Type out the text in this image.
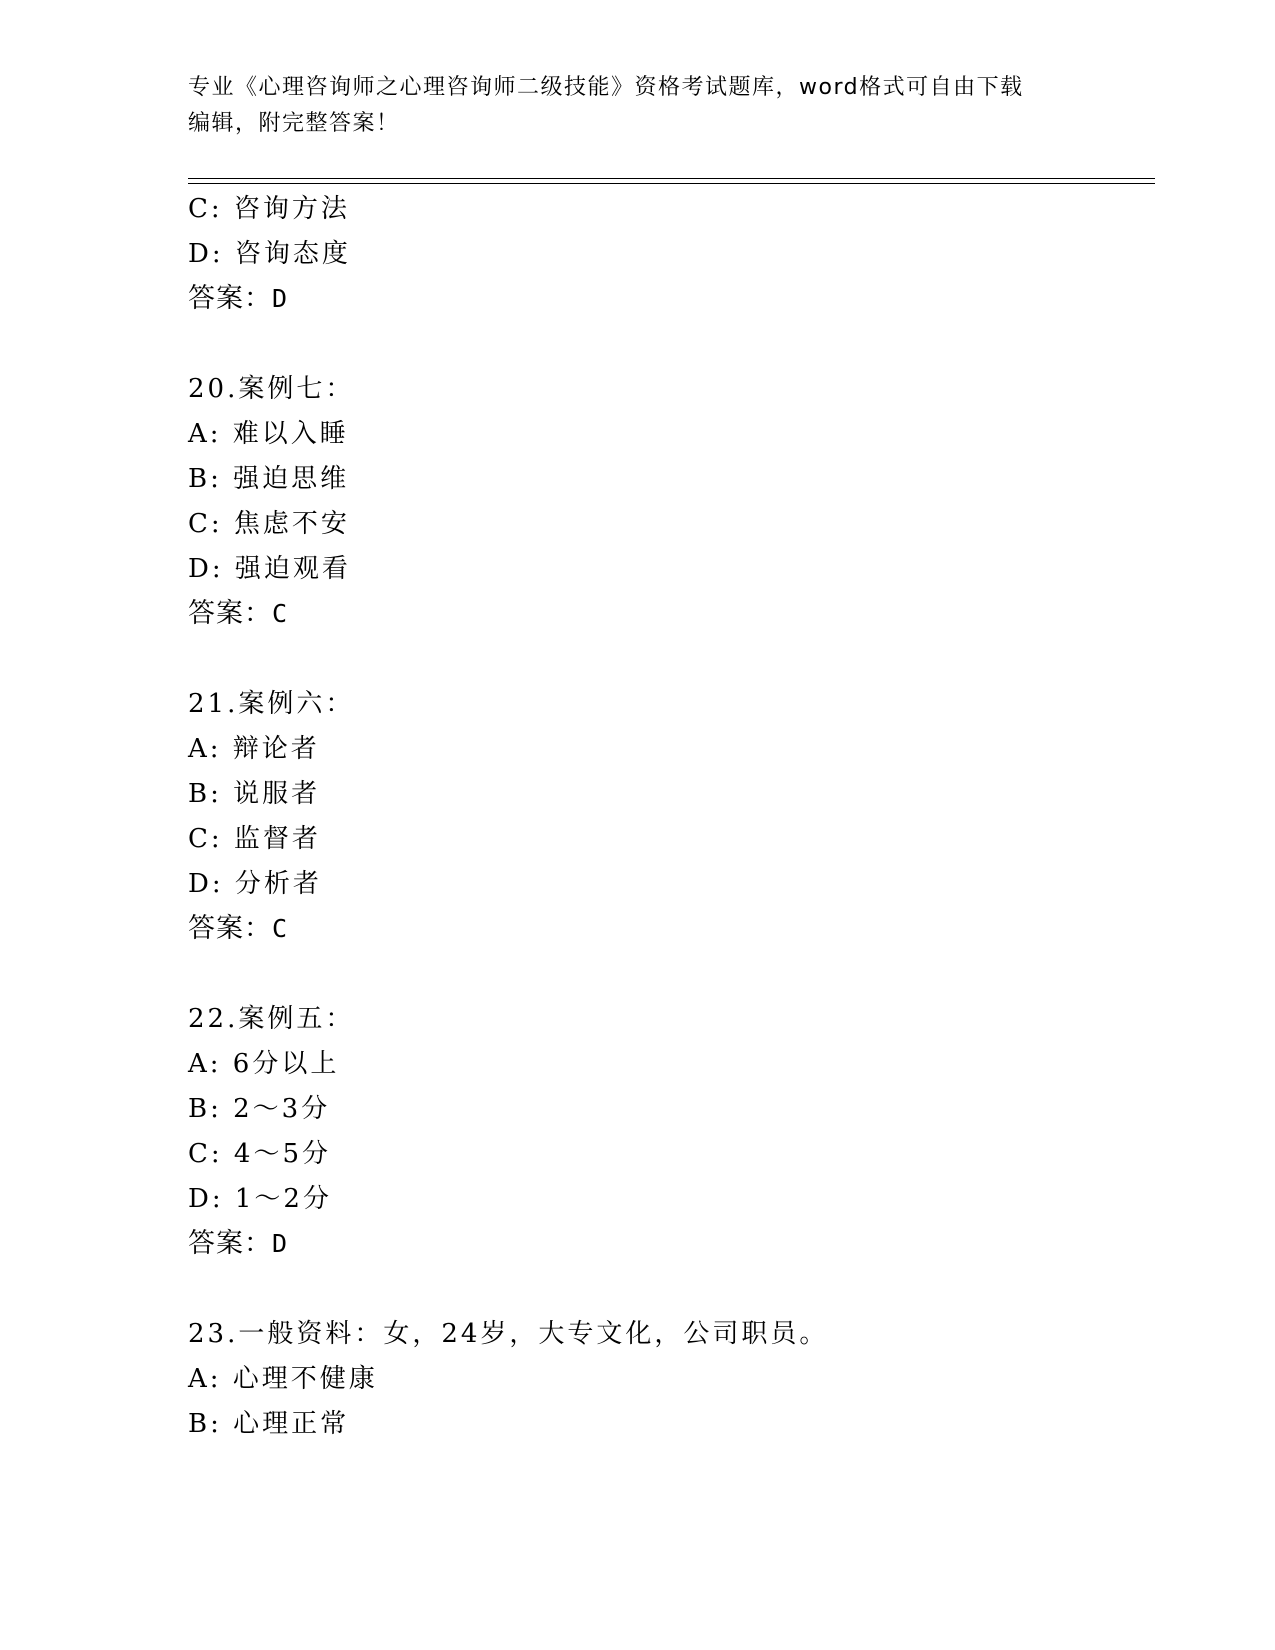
专业《心理咨询师之心理咨询师二级技能》资格考试题库，word格式可自由下载
编辑，附完整答案！
C: 咨询方法
D: 咨询态度
答案：D
20.案例七：
A: 难以入睡
B: 强迫思维
C: 焦虑不安
D: 强迫观看
答案：C
21.案例六：
A: 辩论者
B: 说服者
C: 监督者
D: 分析者
答案：C
22.案例五：
A: 6分以上
B: 2～3分
C: 4～5分
D: 1～2分
答案：D
23.一般资料：女，24岁，大专文化，公司职员。
A: 心理不健康
B: 心理正常
